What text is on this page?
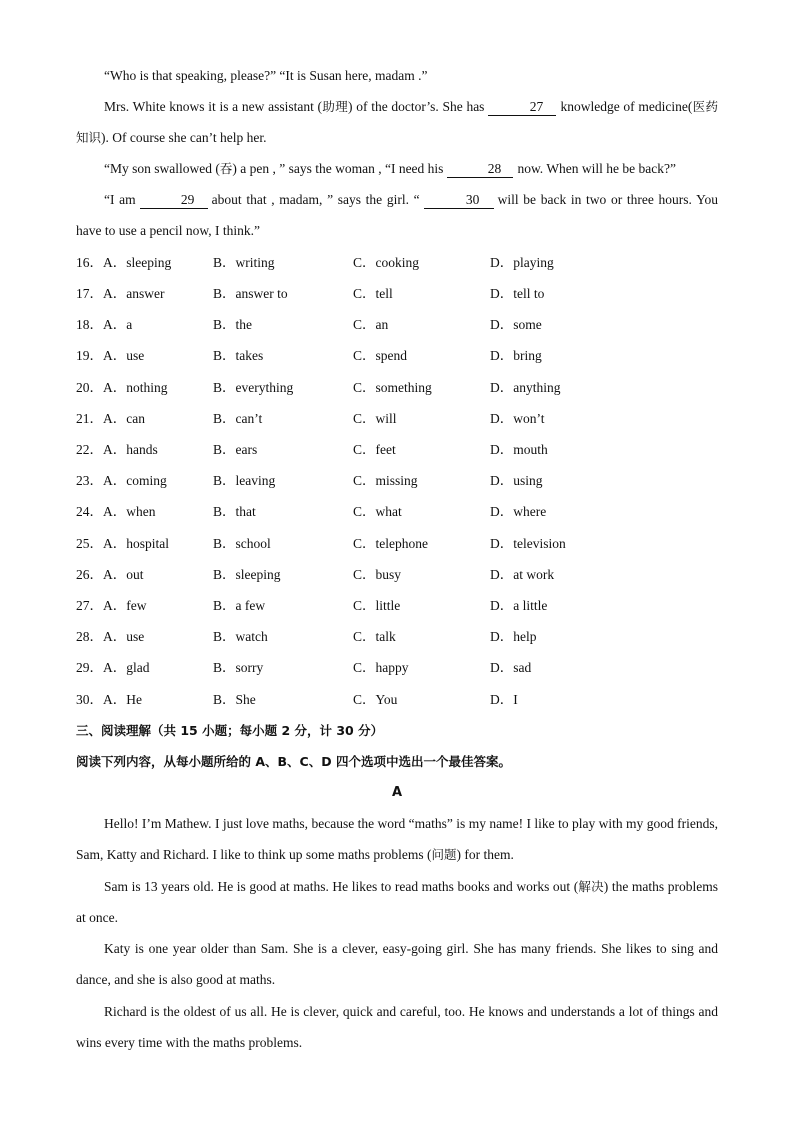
“Who is that speaking, please?” “It is Susan here, madam .”

Mrs. White knows it is a new assistant (助理) of the doctor’s. She has	27 knowledge of medicine(医药知识). Of course she can’t help her.

“My son swallowed (吞) a pen , ” says the woman , “I need his	28 now. When will he be back?”

“I am	29 about that , madam, ” says the girl. “	30 will be back in two or three hours. You have to use a pencil now, I think.”

16． A．sleeping	B．writing	C．cooking	D．playing
17． A．answer	B．answer to	C．tell	D．tell to
18． A．a	B．the	C．an	D．some
19． A．use	B．takes	C．spend	D．bring
20． A．nothing	B．everything	C．something	D．anything
21． A．can	B．can’t	C．will	D．won’t
22． A．hands	B．ears	C．feet	D．mouth
23． A．coming	B．leaving	C．missing	D．using
24． A．when	B．that	C．what	D．where
25． A．hospital	B．school	C．telephone	D．television
26． A．out	B．sleeping	C．busy	D．at work
27． A．few	B．a few	C．little	D．a little
28． A．use	B．watch	C．talk	D．help
29． A．glad	B．sorry	C．happy	D．sad
30． A．He	B．She	C．You	D．I
三、阅读理解（共 15 小题；每小题 2 分，计 30 分）
阅读下列内容，从每小题所给的 A、B、C、D 四个选项中选出一个最佳答案。
A

Hello! I’m Mathew. I just love maths, because the word “maths” is my name! I like to play with my good friends, Sam, Katty and Richard. I like to think up some maths problems (问题) for them.

Sam is 13 years old. He is good at maths. He likes to read maths books and works out (解决) the maths problems at once.

Katy is one year older than Sam. She is a clever, easy-going girl. She has many friends. She likes to sing and dance, and she is also good at maths.

Richard is the oldest of us all. He is clever, quick and careful, too. He knows and understands a lot of things and wins every time with the maths problems.
